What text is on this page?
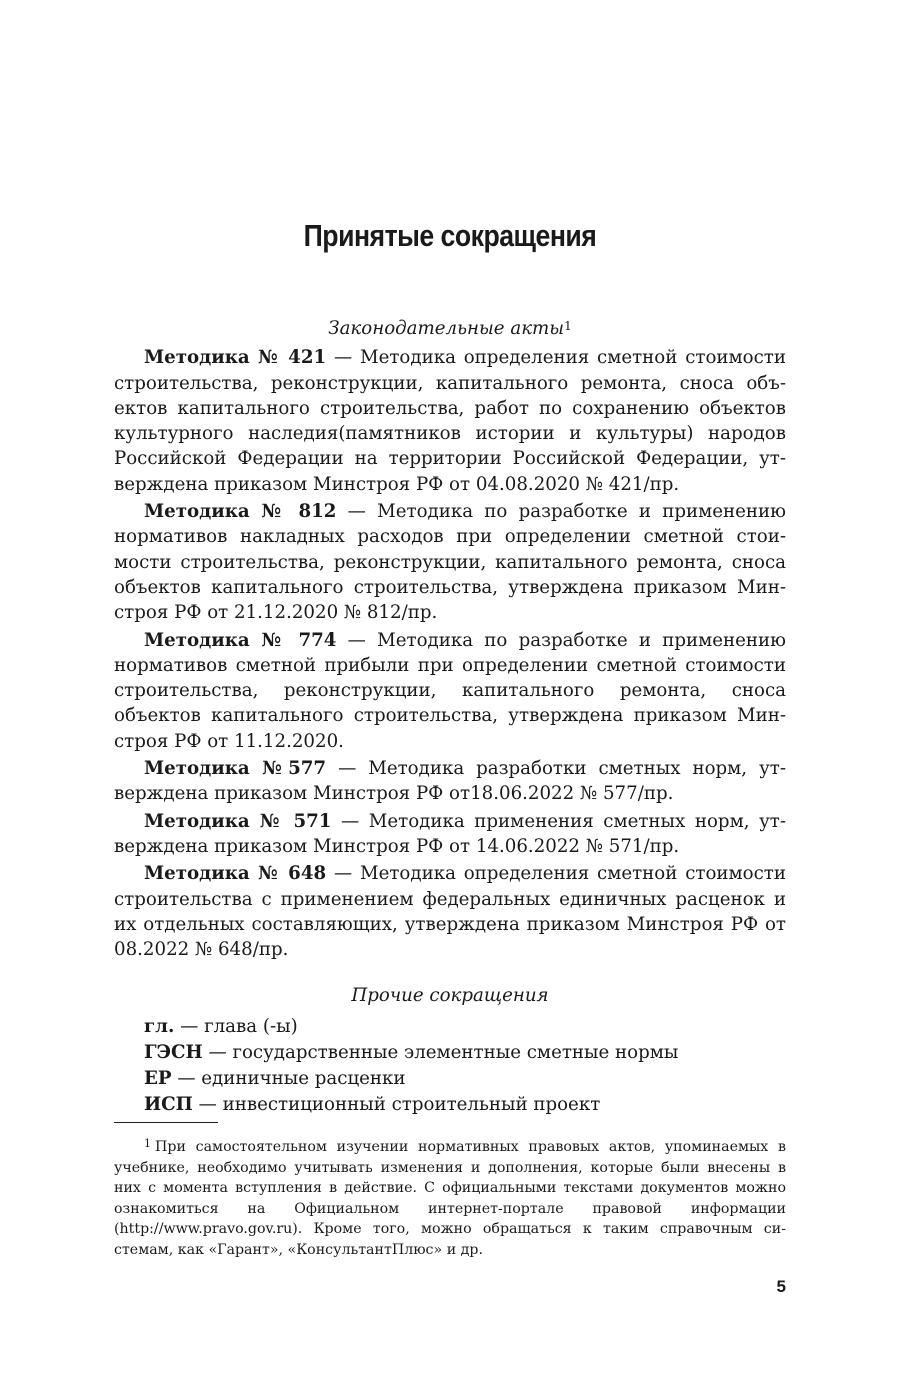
Принятые сокращения

Законодательные акты$^1$

Методика № 421 — Методика определения сметной стоимости строительства, реконструкции, капитального ремонта, сноса объектов капитального строительства, работ по сохранению объектов культурного наследия(памятников истории и культуры) народов Российской Федерации на территории Российской Федерации, утверждена приказом Минстроя РФ от 04.08.2020 № 421/пр.

Методика № 812 — Методика по разработке и применению нормативов накладных расходов при определении сметной стоимости строительства, реконструкции, капитального ремонта, сноса объектов капитального строительства, утверждена приказом Минстроя РФ от 21.12.2020 № 812/пр.

Методика № 774 — Методика по разработке и применению нормативов сметной прибыли при определении сметной стоимости строительства, реконструкции, капитального ремонта, сноса объектов капитального строительства, утверждена приказом Минстроя РФ от 11.12.2020.

Методика №577 — Методика разработки сметных норм, утверждена приказом Минстроя РФ от18.06.2022 № 577/пр.

Методика № 571 — Методика применения сметных норм, утверждена приказом Минстроя РФ от 14.06.2022 № 571/пр.

Методика № 648 — Методика определения сметной стоимости строительства с применением федеральных единичных расценок и их отдельных составляющих, утверждена приказом Минстроя РФ от 08.2022 № 648/пр.

Прочие сокращения

гл. — глава (-ы)

ГЭСН — государственные элементные сметные нормы

ЕР — единичные расценки

ИСП — инвестиционный строительный проект

$^1$ При самостоятельном изучении нормативных правовых актов, упоминаемых в учебнике, необходимо учитывать изменения и дополнения, которые были внесены в них с момента вступления в действие. С официальными текстами документов можно ознакомиться на Официальном интернет-портале правовой информации (http://www.pravo.gov.ru). Кроме того, можно обращаться к таким справочным системам, как «Гарант», «КонсультантПлюс» и др.

5
